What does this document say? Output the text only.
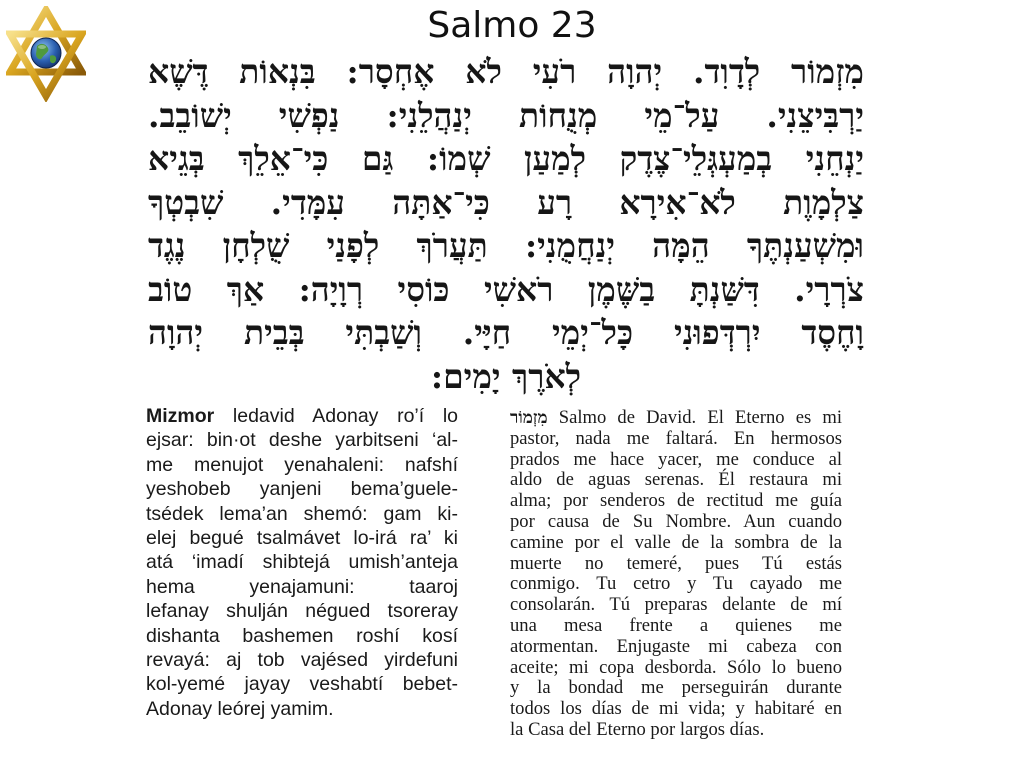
Salmo 23
מִזְמוֹר לְדָוִד. יְהוָה רֹעִי לֹא אֶחְסָר: בִּנְאוֹת דֶּשֶׁא
יַרְבִּיצֵנִי. עַל־מֵי מְנֻחוֹת יְנַהֲלֵנִי: נַפְשִׁי יְשׁוֹבֵב.
יַנְחֵנִי בְמַעְגְּלֵי־צֶדֶק לְמַעַן שְׁמוֹ: גַּם כִּי־אֵלֵךְ בְּגֵיא
צַלְמָוֶת לֹא־אִירָא רָע כִּי־אַתָּה עִמָּדִי. שִׁבְטְךָ
וּמִשְׁעַנְתֶּךָ הֵמָּה יְנַחֲמֻנִי: תַּעֲרֹךְ לְפָנַי שֻׁלְחָן נֶגֶד
צֹרְרָי. דִּשַּׁנְתָּ בַשֶּׁמֶן רֹאשִׁי כּוֹסִי רְוָיָה: אַךְ טוֹב
וָחֶסֶד יִרְדְּפוּנִי כָּל־יְמֵי חַיָּי. וְשַׁבְתִּי בְּבֵית יְהוָה
לְאֹרֶךְ יָמִים:
Mizmor ledavid Adonay ro’í lo
ejsar: bin·ot deshe yarbitseni ‘al-
me menujot yenahaleni: nafshí
yeshobeb yanjeni bema’guele-
tsédek lema’an shemó: gam ki-
elej begué tsalmávet lo-irá ra’ ki
atá ‘imadí shibtejá umish’anteja
hema yenajamuni: taaroj
lefanay shulján négued tsoreray
dishanta bashemen roshí kosí
revayá: aj tob vajésed yirdefuni
kol-yemé jayay veshabtí bebet-
Adonay leórej yamim.
מִזְמוֹר Salmo de David. El Eterno es mi
pastor, nada me faltará. En hermosos
prados me hace yacer, me conduce al
aldo de aguas serenas. Él restaura mi
alma; por senderos de rectitud me guía
por causa de Su Nombre. Aun cuando
camine por el valle de la sombra de la
muerte no temeré, pues Tú estás
conmigo. Tu cetro y Tu cayado me
consolarán. Tú preparas delante de mí
una mesa frente a quienes me
atormentan. Enjugaste mi cabeza con
aceite; mi copa desborda. Sólo lo bueno
y la bondad me perseguirán durante
todos los días de mi vida; y habitaré en
la Casa del Eterno por largos días.
